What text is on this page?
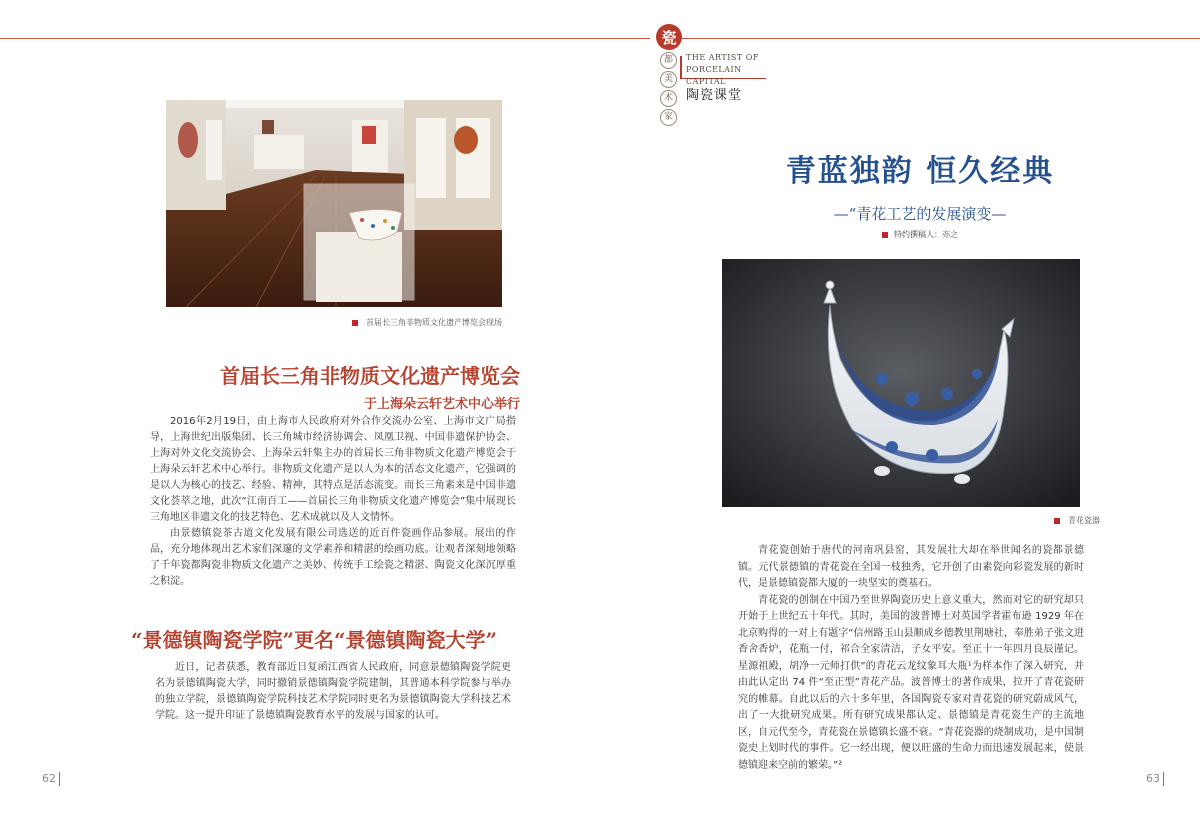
瓷
都
美
术
家
THE ARTIST OF
PORCELAIN CAPITAL
陶瓷课堂
首届长三角非物质文化遗产博览会现场
首届长三角非物质文化遗产博览会
于上海朵云轩艺术中心举行

2016年2月19日，由上海市人民政府对外合作交流办公室、上海市文广局指导，上海世纪出版集团、长三角城市经济协调会、凤凰卫视、中国非遗保护协会、上海对外文化交流协会、上海朵云轩集主办的首届长三角非物质文化遗产博览会于上海朵云轩艺术中心举行。非物质文化遗产是以人为本的活态文化遗产，它强调的是以人为核心的技艺、经验、精神，其特点是活态流变。而长三角素来是中国非遗文化荟萃之地，此次“江南百工——首届长三角非物质文化遗产博览会”集中展现长三角地区非遗文化的技艺特色、艺术成就以及人文情怀。

由景德镇瓷茶古道文化发展有限公司选送的近百件瓷画作品参展。展出的作品，充分地体现出艺术家们深邃的文学素养和精湛的绘画功底。让观者深刻地领略了千年瓷都陶瓷非物质文化遗产之美妙、传统手工绘瓷之精湛、陶瓷文化深沉厚重之积淀。

“景德镇陶瓷学院”更名“景德镇陶瓷大学”

近日，记者获悉，教育部近日复函江西省人民政府，同意景德镇陶瓷学院更名为景德镇陶瓷大学，同时撤销景德镇陶瓷学院建制，其普通本科学院参与举办的独立学院，景德镇陶瓷学院科技艺术学院同时更名为景德镇陶瓷大学科技艺术学院。这一提升印证了景德镇陶瓷教育水平的发展与国家的认可。

62
青蓝独韵 恒久经典
—“青花工艺的发展演变—
特约撰稿人：亦之
青花瓷器

青花瓷创始于唐代的河南巩县窑，其发展壮大却在举世闻名的瓷都景德镇。元代景德镇的青花瓷在全国一枝独秀，它开创了由素瓷向彩瓷发展的新时代，是景德镇瓷都大厦的一块坚实的奠基石。

青花瓷的创制在中国乃至世界陶瓷历史上意义重大，然而对它的研究却只开始于上世纪五十年代。其时，美国的波普博士对英国学者霍布逊 1929 年在北京购得的一对上有题字“信州路玉山县顺成乡德教里荆塘社，奉胜弟子张文进香舍香炉，花瓶一付，祁合全家清洁，子女平安。至正十一年四月良辰谨记。星源祖殿，胡净一元师打供”的青花云龙纹象耳大瓶¹为样本作了深入研究，并由此认定出 74 件“至正型”青花产品。波普博士的著作成果，拉开了青花瓷研究的帷幕。自此以后的六十多年里，各国陶瓷专家对青花瓷的研究蔚成风气，出了一大批研究成果。所有研究成果都认定、景德镇是青花瓷生产的主流地区，自元代至今，青花瓷在景德镇长盛不衰。“青花瓷器的烧制成功，是中国制瓷史上划时代的事件。它一经出现，便以旺盛的生命力而迅速发展起来，使景德镇迎来空前的繁荣。”²

63
